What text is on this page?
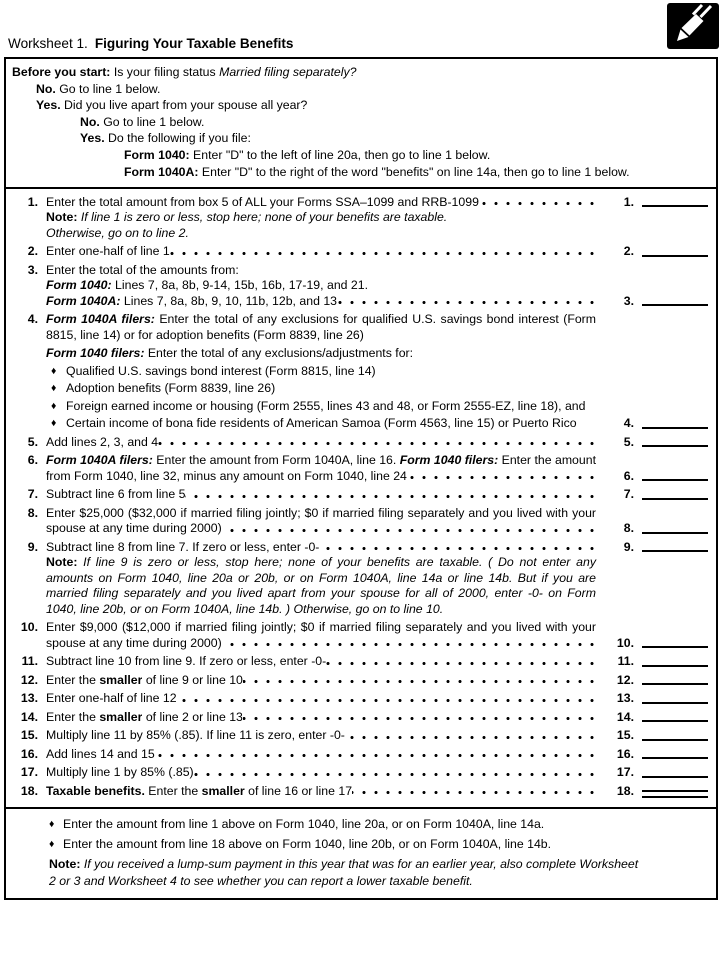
Worksheet 1. Figuring Your Taxable Benefits
Before you start: Is your filing status Married filing separately?
No. Go to line 1 below.
Yes. Did you live apart from your spouse all year?
No. Go to line 1 below.
Yes. Do the following if you file:
Form 1040: Enter "D" to the left of line 20a, then go to line 1 below.
Form 1040A: Enter "D" to the right of the word "benefits" on line 14a, then go to line 1 below.
1. Enter the total amount from box 5 of ALL your Forms SSA–1099 and RRB-1099	1.
Note: If line 1 is zero or less, stop here; none of your benefits are taxable.
Otherwise, go on to line 2.
2. Enter one-half of line 1	2.
3. Enter the total of the amounts from:
Form 1040: Lines 7, 8a, 8b, 9-14, 15b, 16b, 17-19, and 21.
Form 1040A: Lines 7, 8a, 8b, 9, 10, 11b, 12b, and 13	3.
4. Form 1040A filers: Enter the total of any exclusions for qualified U.S. savings bond interest (Form 8815, line 14) or for adoption benefits (Form 8839, line 26)
Form 1040 filers: Enter the total of any exclusions/adjustments for:
♦ Qualified U.S. savings bond interest (Form 8815, line 14)
♦ Adoption benefits (Form 8839, line 26)
♦ Foreign earned income or housing (Form 2555, lines 43 and 48, or Form 2555-EZ, line 18), and
♦ Certain income of bona fide residents of American Samoa (Form 4563, line 15) or Puerto Rico	4.
5. Add lines 2, 3, and 4	5.
6. Form 1040A filers: Enter the amount from Form 1040A, line 16. Form 1040 filers: Enter the amount from Form 1040, line 32, minus any amount on Form 1040, line 24	6.
7. Subtract line 6 from line 5	7.
8. Enter $25,000 ($32,000 if married filing jointly; $0 if married filing separately and you lived with your spouse at any time during 2000)	8.
9. Subtract line 8 from line 7. If zero or less, enter -0-	9.
Note: If line 9 is zero or less, stop here; none of your benefits are taxable. ( Do not enter any amounts on Form 1040, line 20a or 20b, or on Form 1040A, line 14a or line 14b. But if you are married filing separately and you lived apart from your spouse for all of 2000, enter -0- on Form 1040, line 20b, or on Form 1040A, line 14b. ) Otherwise, go on to line 10.
10. Enter $9,000 ($12,000 if married filing jointly; $0 if married filing separately and you lived with your spouse at any time during 2000)	10.
11. Subtract line 10 from line 9. If zero or less, enter -0-	11.
12. Enter the smaller of line 9 or line 10	12.
13. Enter one-half of line 12	13.
14. Enter the smaller of line 2 or line 13	14.
15. Multiply line 11 by 85% (.85). If line 11 is zero, enter -0-	15.
16. Add lines 14 and 15	16.
17. Multiply line 1 by 85% (.85)	17.
18. Taxable benefits. Enter the smaller of line 16 or line 17	18.
♦ Enter the amount from line 1 above on Form 1040, line 20a, or on Form 1040A, line 14a.
♦ Enter the amount from line 18 above on Form 1040, line 20b, or on Form 1040A, line 14b.
Note: If you received a lump-sum payment in this year that was for an earlier year, also complete Worksheet 2 or 3 and Worksheet 4 to see whether you can report a lower taxable benefit.
